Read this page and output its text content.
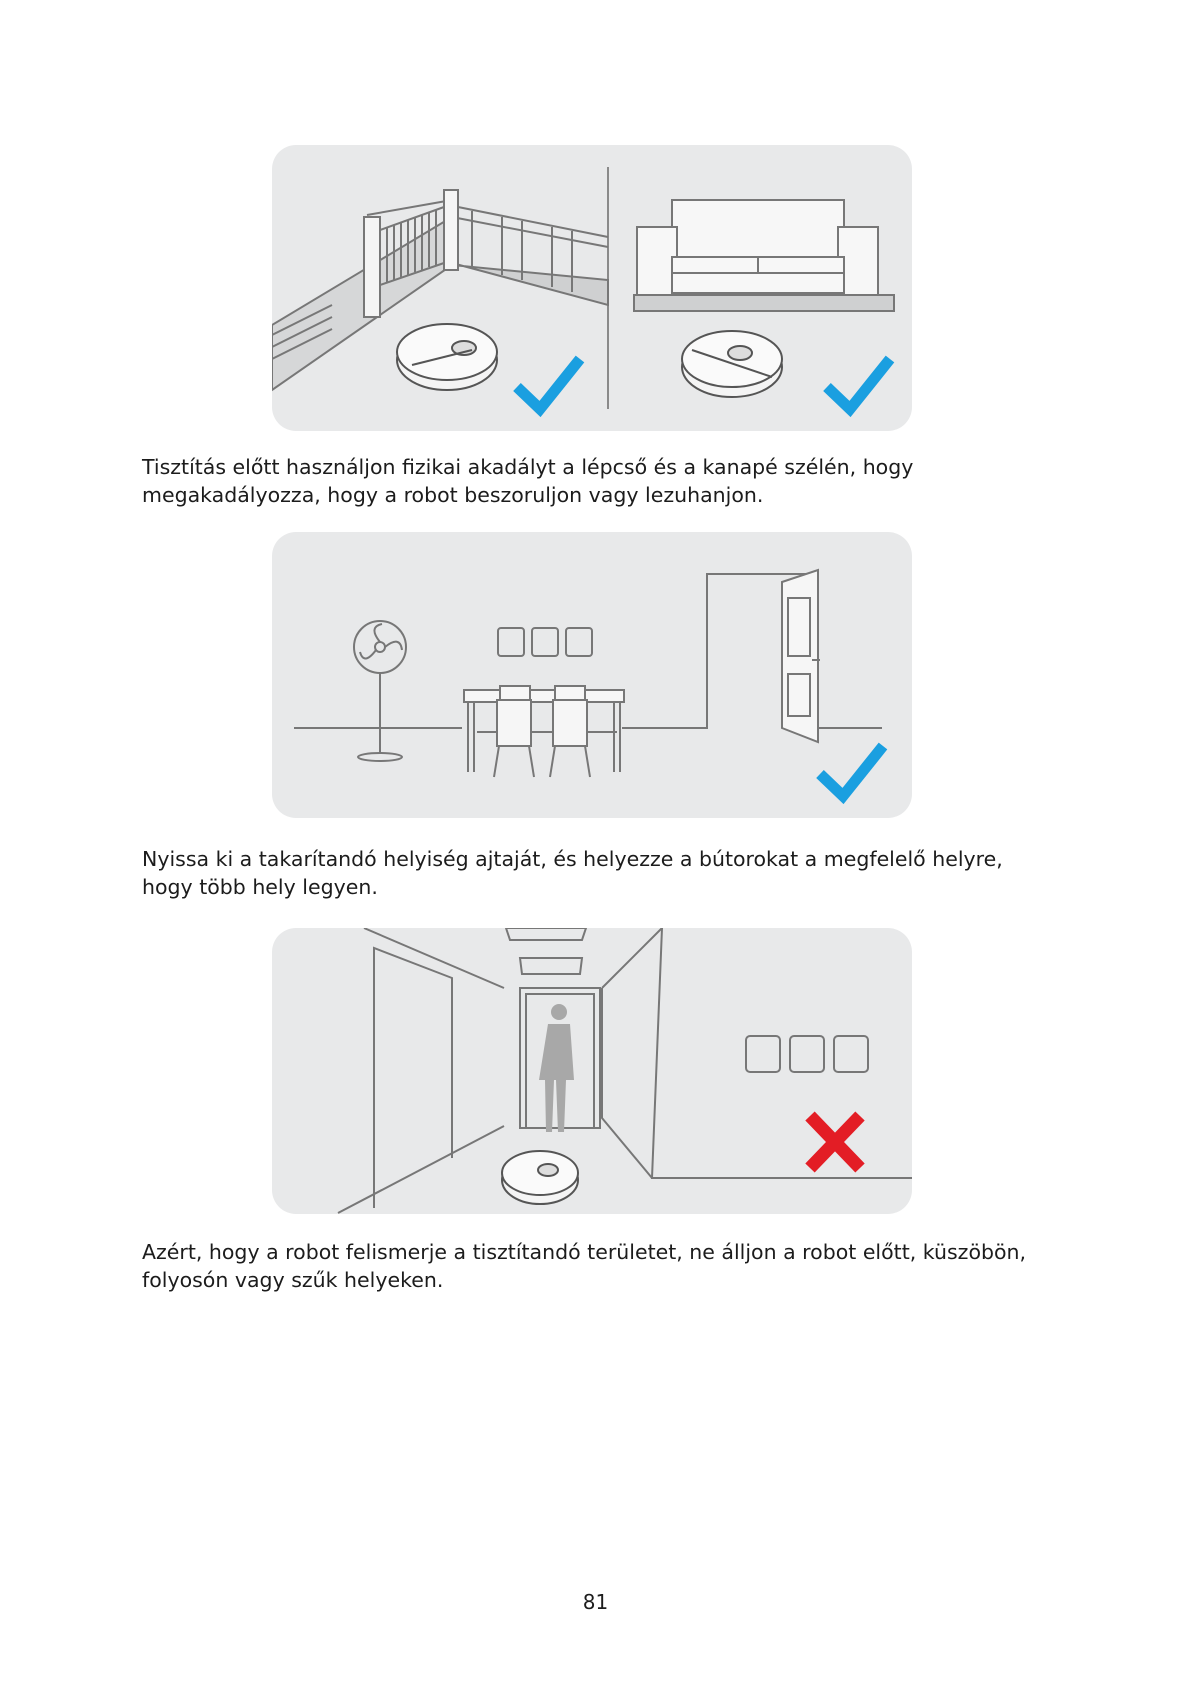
Tisztítás előtt használjon fizikai akadályt a lépcső és a kanapé szélén, hogy megakadályozza, hogy a robot beszoruljon vagy lezuhanjon.

Nyissa ki a takarítandó helyiség ajtaját, és helyezze a bútorokat a megfelelő helyre, hogy több hely legyen.

Azért, hogy a robot felismerje a tisztítandó területet, ne álljon a robot előtt, küszöbön, folyosón vagy szűk helyeken.

81
